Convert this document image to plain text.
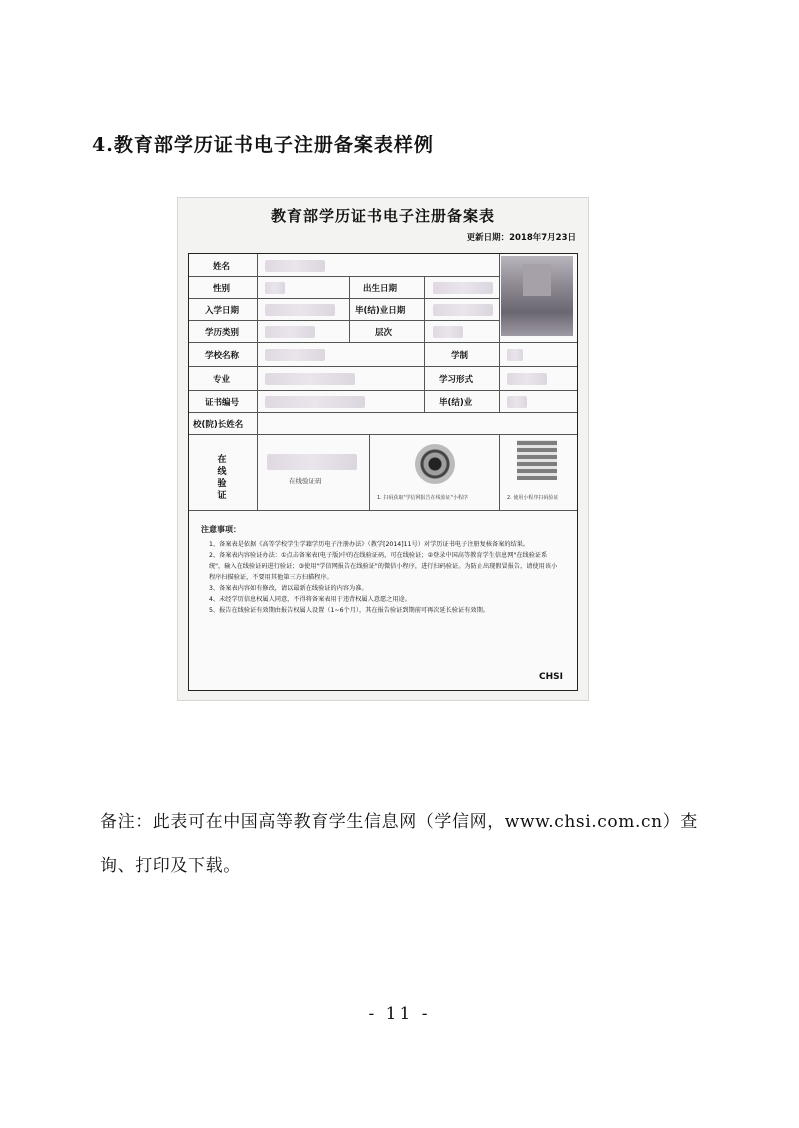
4.教育部学历证书电子注册备案表样例
教育部学历证书电子注册备案表
更新日期：2018年7月23日
姓名
性别	出生日期
入学日期	毕(结)业日期
学历类别	层次
学校名称	学制
专业	学习形式
证书编号	毕(结)业
校(院)长姓名
在线验证
在线验证码
1. 扫码获取"学信网报告在线验证"小程序	2. 使用小程序扫码验证
注意事项：
1、备案表是依据《高等学校学生学籍学历电子注册办法》（教学[2014]11号）对学历证书电子注册复核备案的结果。
2、备案表内容验证办法：①点击备案表(电子版)中的在线验证码，可在线验证；②登录中国高等教育学生信息网"在线验证系统"，输入在线验证码进行验证；③使用"学信网报告在线验证"的微信小程序，进行扫码验证。为防止出现假冒报告，请使用该小程序扫描验证，不要用其他第三方扫描程序。
3、备案表内容如有修改，请以最新在线验证的内容为准。
4、未经学历信息权属人同意，不得将备案表用于违背权属人意愿之用途。
5、报告在线验证有效期由报告权属人设置（1~6个月），其在报告验证到期前可再次延长验证有效期。
CHSI
备注：此表可在中国高等教育学生信息网（学信网，www.chsi.com.cn）查询、打印及下载。
- 11 -
